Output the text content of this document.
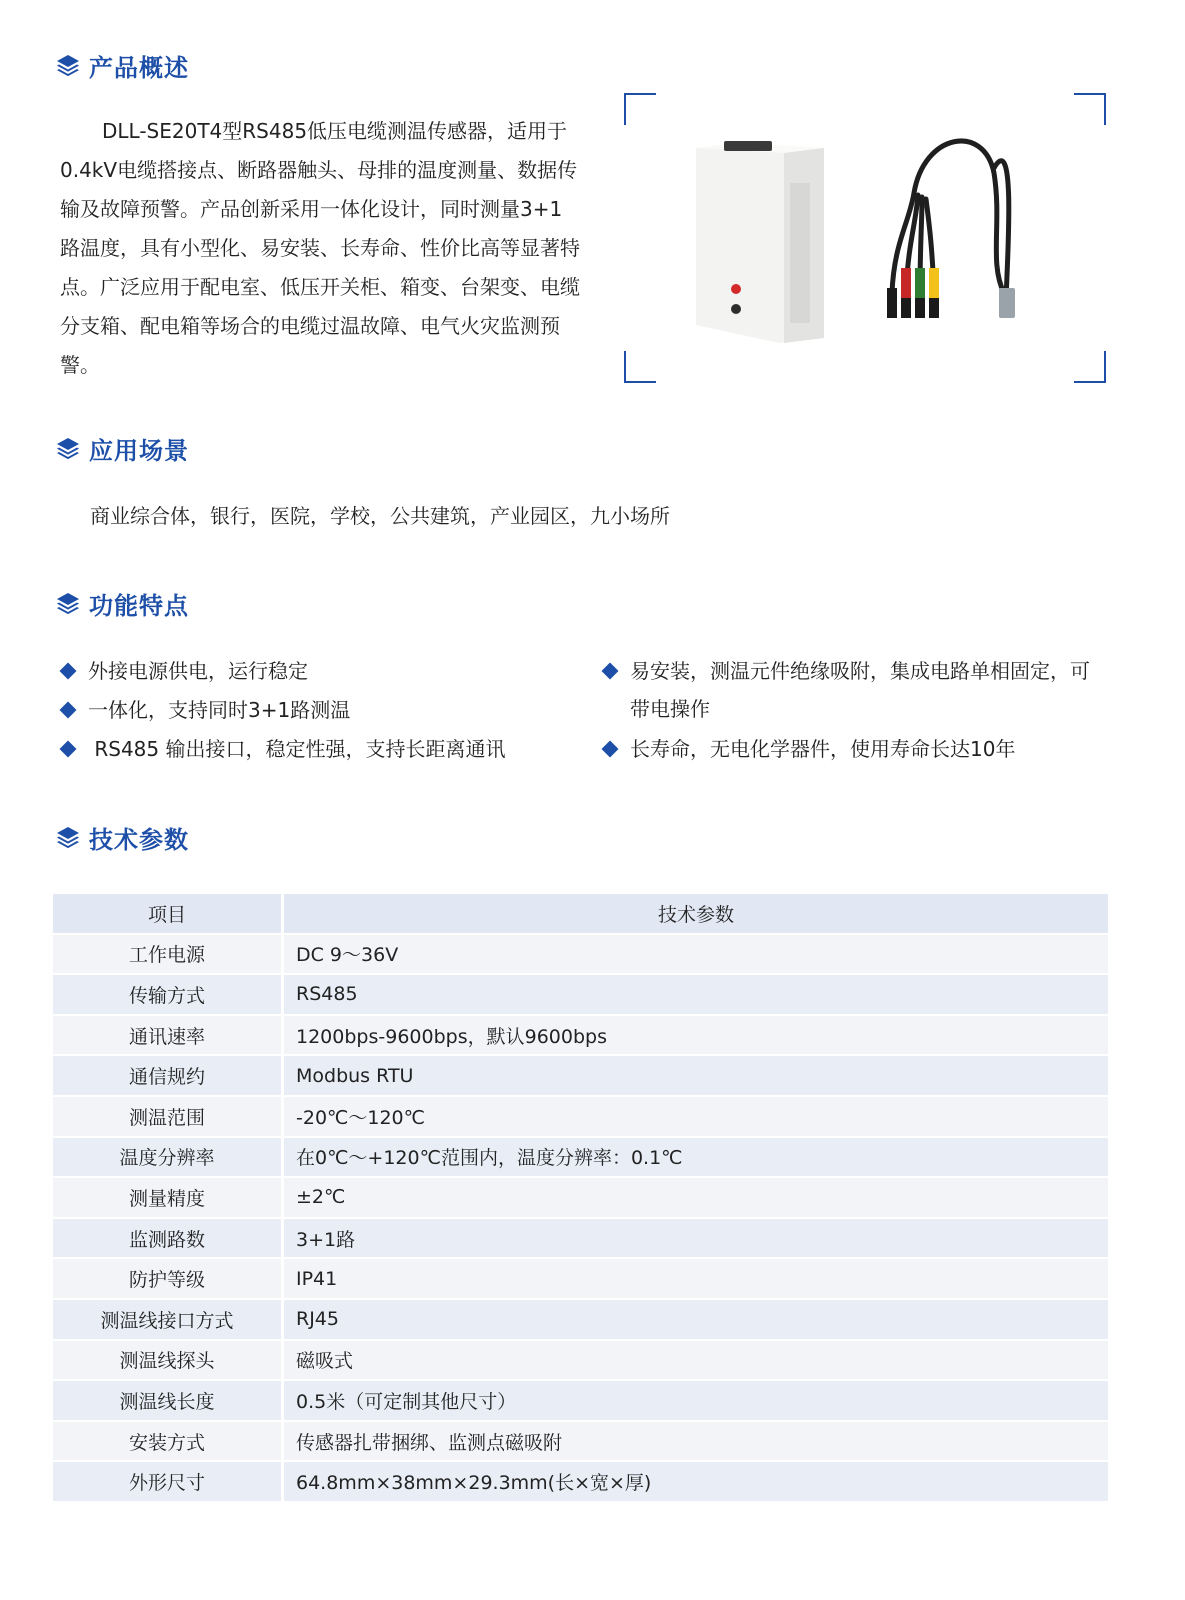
产品概述

DLL-SE20T4型RS485低压电缆测温传感器，适用于0.4kV电缆搭接点、断路器触头、母排的温度测量、数据传输及故障预警。产品创新采用一体化设计，同时测量3+1路温度，具有小型化、易安装、长寿命、性价比高等显著特点。广泛应用于配电室、低压开关柜、箱变、台架变、电缆分支箱、配电箱等场合的电缆过温故障、电气火灾监测预警。

应用场景
商业综合体，银行，医院，学校，公共建筑，产业园区，九小场所
功能特点
外接电源供电，运行稳定
一体化，支持同时3+1路测温
RS485 输出接口，稳定性强，支持长距离通讯
易安装，测温元件绝缘吸附，集成电路单相固定，可带电操作
长寿命，无电化学器件，使用寿命长达10年
技术参数
项目	技术参数
工作电源	DC 9～36V
传输方式	RS485
通讯速率	1200bps-9600bps，默认9600bps
通信规约	Modbus RTU
测温范围	-20℃～120℃
温度分辨率	在0℃～+120℃范围内，温度分辨率：0.1℃
测量精度	±2℃
监测路数	3+1路
防护等级	IP41
测温线接口方式	RJ45
测温线探头	磁吸式
测温线长度	0.5米（可定制其他尺寸）
安装方式	传感器扎带捆绑、监测点磁吸附
外形尺寸	64.8mm×38mm×29.3mm(长×宽×厚)
